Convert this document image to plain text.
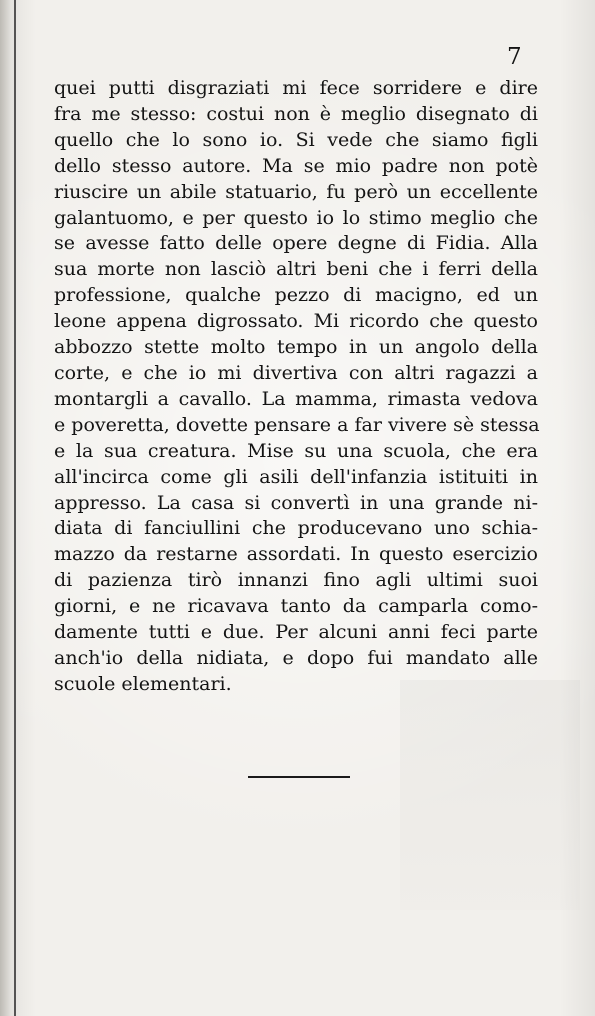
7
quei putti disgraziati mi fece sorridere e dire
fra me stesso: costui non è meglio disegnato di
quello che lo sono io. Si vede che siamo figli
dello stesso autore. Ma se mio padre non potè
riuscire un abile statuario, fu però un eccellente
galantuomo, e per questo io lo stimo meglio che
se avesse fatto delle opere degne di Fidia. Alla
sua morte non lasciò altri beni che i ferri della
professione, qualche pezzo di macigno, ed un
leone appena digrossato. Mi ricordo che questo
abbozzo stette molto tempo in un angolo della
corte, e che io mi divertiva con altri ragazzi a
montargli a cavallo. La mamma, rimasta vedova
e poveretta, dovette pensare a far vivere sè stessa
e la sua creatura. Mise su una scuola, che era
all'incirca come gli asili dell'infanzia istituiti in
appresso. La casa si convertì in una grande ni-
diata di fanciullini che producevano uno schia-
mazzo da restarne assordati. In questo esercizio
di pazienza tirò innanzi fino agli ultimi suoi
giorni, e ne ricavava tanto da camparla como-
damente tutti e due. Per alcuni anni feci parte
anch'io della nidiata, e dopo fui mandato alle
scuole elementari.
